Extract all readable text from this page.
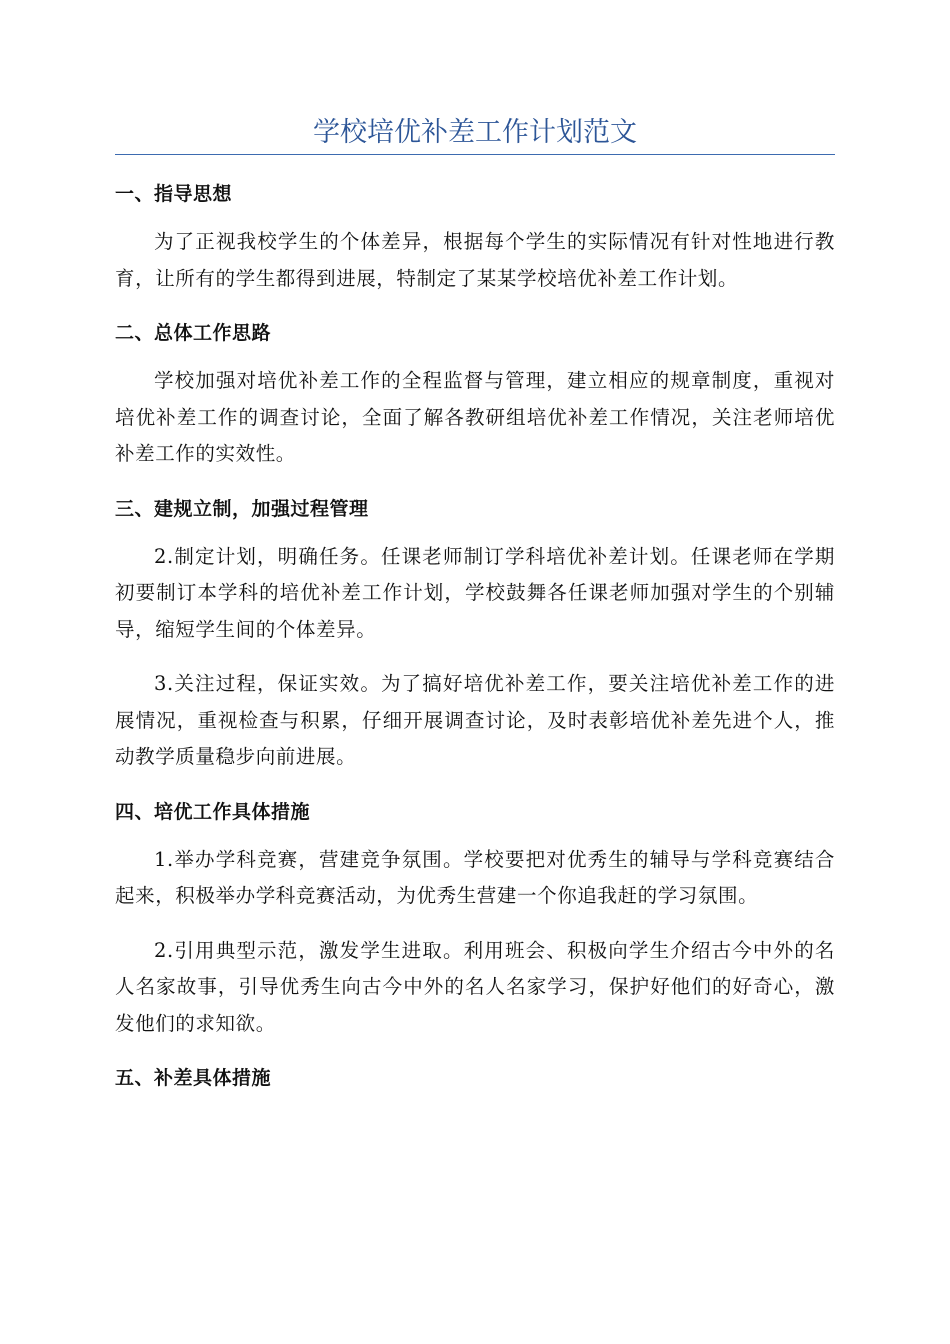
学校培优补差工作计划范文
一、指导思想

为了正视我校学生的个体差异，根据每个学生的实际情况有针对性地进行教育，让所有的学生都得到进展，特制定了某某学校培优补差工作计划。

二、总体工作思路

学校加强对培优补差工作的全程监督与管理，建立相应的规章制度，重视对培优补差工作的调查讨论，全面了解各教研组培优补差工作情况，关注老师培优补差工作的实效性。

三、建规立制，加强过程管理

2.制定计划，明确任务。任课老师制订学科培优补差计划。任课老师在学期初要制订本学科的培优补差工作计划，学校鼓舞各任课老师加强对学生的个别辅导，缩短学生间的个体差异。

3.关注过程，保证实效。为了搞好培优补差工作，要关注培优补差工作的进展情况，重视检查与积累，仔细开展调查讨论，及时表彰培优补差先进个人，推动教学质量稳步向前进展。

四、培优工作具体措施

1.举办学科竞赛，营建竞争氛围。学校要把对优秀生的辅导与学科竞赛结合起来，积极举办学科竞赛活动，为优秀生营建一个你追我赶的学习氛围。

2.引用典型示范，激发学生进取。利用班会、积极向学生介绍古今中外的名人名家故事，引导优秀生向古今中外的名人名家学习，保护好他们的好奇心，激发他们的求知欲。

五、补差具体措施
